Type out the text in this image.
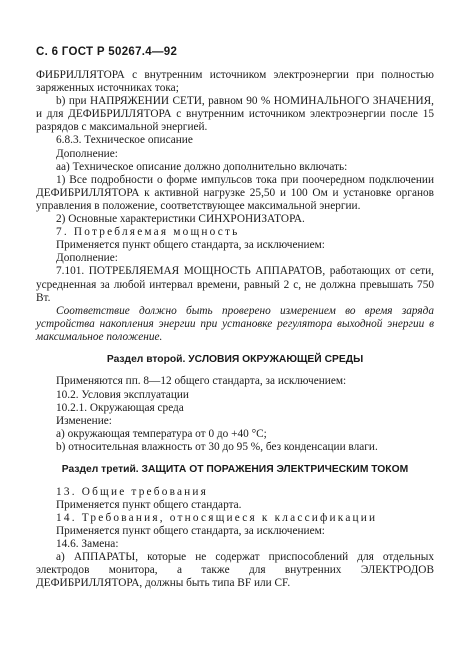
С. 6 ГОСТ Р 50267.4—92

ФИБРИЛЛЯТОРА с внутренним источником электроэнергии при полностью заряженных источниках тока;

b) при НАПРЯЖЕНИИ СЕТИ, равном 90 % НОМИНАЛЬНОГО ЗНАЧЕНИЯ, и для ДЕФИБРИЛЛЯТОРА с внутренним источником электроэнергии после 15 разрядов с максимальной энергией.

6.8.3. Техническое описание

Дополнение:

аа) Техническое описание должно дополнительно включать:

1) Все подробности о форме импульсов тока при поочередном подключении ДЕФИБРИЛЛЯТОРА к активной нагрузке 25,50 и 100 Ом и установке органов управления в положение, соответствующее максимальной энергии.

2) Основные характеристики СИНХРОНИЗАТОРА.

7. Потребляемая мощность

Применяется пункт общего стандарта, за исключением:

Дополнение:

7.101. ПОТРЕБЛЯЕМАЯ МОЩНОСТЬ АППАРАТОВ, работающих от сети, усредненная за любой интервал времени, равный 2 с, не должна превышать 750 Вт.

Соответствие должно быть проверено измерением во время заряда устройства накопления энергии при установке регулятора выходной энергии в максимальное положение.

Раздел второй. УСЛОВИЯ ОКРУЖАЮЩЕЙ СРЕДЫ

Применяются пп. 8—12 общего стандарта, за исключением:

10.2. Условия эксплуатации

10.2.1. Окружающая среда

Изменение:

а) окружающая температура от 0 до +40 °С;

b) относительная влажность от 30 до 95 %, без конденсации влаги.

Раздел третий. ЗАЩИТА ОТ ПОРАЖЕНИЯ ЭЛЕКТРИЧЕСКИМ ТОКОМ

13. Общие требования

Применяется пункт общего стандарта.

14. Требования, относящиеся к классификации

Применяется пункт общего стандарта, за исключением:

14.6. Замена:

а) АППАРАТЫ, которые не содержат приспособлений для отдельных электродов монитора, а также для внутренних ЭЛЕКТРОДОВ ДЕФИБРИЛЛЯТОРА, должны быть типа BF или CF.
